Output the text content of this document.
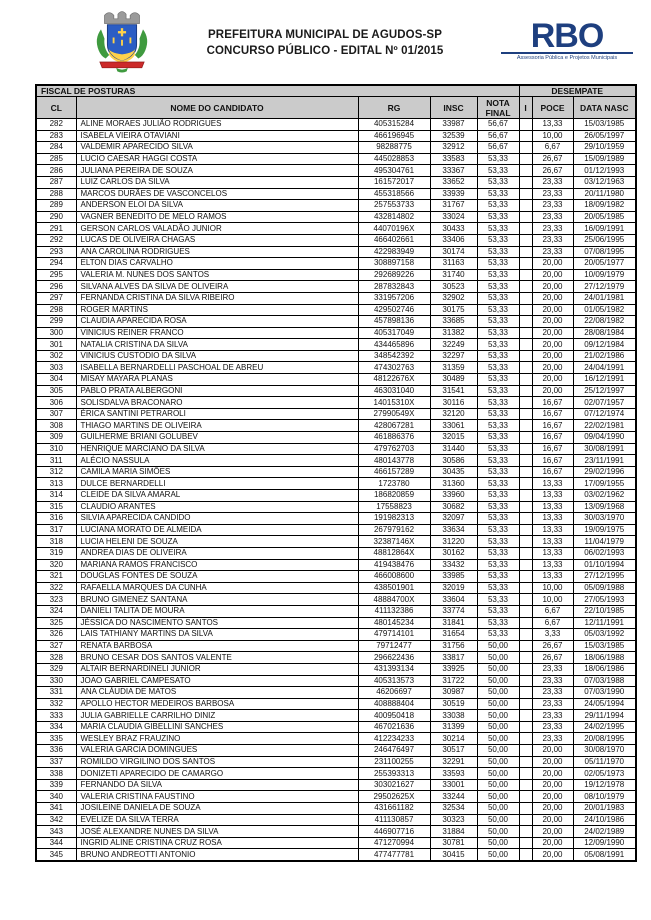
PREFEITURA MUNICIPAL DE AGUDOS-SP
CONCURSO PÚBLICO - EDITAL Nº 01/2015	RBO
Assessoria Pública e Projetos Municipais
FISCAL DE POSTURAS					DESEMPATE		
CL	NOME DO CANDIDATO	RG	INSC	NOTA FINAL	I	POCE	DATA NASC
282	ALINE MORAES JULIÃO RODRIGUES	405315284	33987	56,67		13,33	15/03/1985
283	ISABELA VIEIRA OTAVIANI	466196945	32539	56,67		10,00	26/05/1997
284	VALDEMIR APARECIDO SILVA	98288775	32912	56,67		6,67	29/10/1959
285	LUCIO CAESAR HAGGI COSTA	445028853	33583	53,33		26,67	15/09/1989
286	JULIANA PEREIRA DE SOUZA	495304761	33367	53,33		26,67	01/12/1993
287	LUIZ CARLOS DA SILVA	161572017	33652	53,33		23,33	03/12/1963
288	MARCOS DURÃES DE VASCONCELOS	455318566	33939	53,33		23,33	20/11/1980
289	ANDERSON ELOI DA SILVA	257553733	31767	53,33		23,33	18/09/1982
290	VAGNER BENEDITO DE MELO RAMOS	432814802	33024	53,33		23,33	20/05/1985
291	GERSON CARLOS VALADÃO JUNIOR	44070196X	30433	53,33		23,33	16/09/1991
292	LUCAS DE OLIVEIRA CHAGAS	466402661	33406	53,33		23,33	25/06/1995
293	ANA CAROLINA RODRIGUES	422983949	30174	53,33		23,33	07/08/1995
294	ELTON DIAS CARVALHO	308897158	31163	53,33		20,00	20/05/1977
295	VALERIA M. NUNES DOS SANTOS	292689226	31740	53,33		20,00	10/09/1979
296	SILVANA ALVES DA SILVA DE OLIVEIRA	287832843	30523	53,33		20,00	27/12/1979
297	FERNANDA CRISTINA DA SILVA RIBEIRO	331957206	32902	53,33		20,00	24/01/1981
298	ROGER MARTINS	429502746	30175	53,33		20,00	01/05/1982
299	CLAUDIA APARECIDA ROSA	457898136	33685	53,33		20,00	22/08/1982
300	VINICIUS REINER FRANCO	405317049	31382	53,33		20,00	28/08/1984
301	NATALIA CRISTINA DA SILVA	434465896	32249	53,33		20,00	09/12/1984
302	VINICIUS CUSTODIO DA SILVA	348542392	32297	53,33		20,00	21/02/1986
303	ISABELLA BERNARDELLI PASCHOAL DE ABREU	474302763	31359	53,33		20,00	24/04/1991
304	MISAY MAYARA PLANAS	48122676X	30489	53,33		20,00	16/12/1991
305	PABLO PRATA ALBERGONI	463031040	31541	53,33		20,00	25/12/1997
306	SOLISDALVA BRACONARO	14015310X	30116	53,33		16,67	02/07/1957
307	ÉRICA SANTINI PETRAROLI	27990549X	32120	53,33		16,67	07/12/1974
308	THIAGO MARTINS DE OLIVEIRA	428067281	33061	53,33		16,67	22/02/1981
309	GUILHERME BRIANI GOLUBEV	461886376	32015	53,33		16,67	09/04/1990
310	HENRIQUE MARCIANO DA SILVA	479762703	31440	53,33		16,67	30/08/1991
311	ALÉCIO NASSULA	480143778	30586	53,33		16,67	23/11/1991
312	CAMILA MARIA SIMÕES	466157289	30435	53,33		16,67	29/02/1996
313	DULCE BERNARDELLI	1723780	31360	53,33		13,33	17/09/1955
314	CLEIDE DA SILVA AMARAL	186820859	33960	53,33		13,33	03/02/1962
315	CLAUDIO ARANTES	17558823	30682	53,33		13,33	13/09/1968
316	SILVIA APARECIDA CANDIDO	191982313	32097	53,33		13,33	30/03/1970
317	LUCIANA MORATO DE ALMEIDA	267979162	33634	53,33		13,33	19/09/1975
318	LUCIA HELENI DE SOUZA	32387146X	31220	53,33		13,33	11/04/1979
319	ANDREA DIAS DE OLIVEIRA	48812864X	30162	53,33		13,33	06/02/1993
320	MARIANA RAMOS FRANCISCO	419438476	33432	53,33		13,33	01/10/1994
321	DOUGLAS FONTES DE SOUZA	466008600	33985	53,33		13,33	27/12/1995
322	RAFAELLA MARQUES DA CUNHA	438501901	32019	53,33		10,00	05/09/1988
323	BRUNO GIMENEZ SANTANA	48884700X	33604	53,33		10,00	27/05/1993
324	DANIELI TALITA DE MOURA	411132386	33774	53,33		6,67	22/10/1985
325	JÉSSICA DO NASCIMENTO SANTOS	480145234	31841	53,33		6,67	12/11/1991
326	LAIS TATHIANY MARTINS DA SILVA	479714101	31654	53,33		3,33	05/03/1992
327	RENATA BARBOSA	79712477	31756	50,00		26,67	15/03/1985
328	BRUNO CESAR DOS SANTOS VALENTE	296622436	33817	50,00		26,67	18/06/1988
329	ALTAIR BERNARDINELI JUNIOR	431393134	33925	50,00		23,33	18/06/1986
330	JOAO GABRIEL CAMPESATO	405313573	31722	50,00		23,33	07/03/1988
331	ANA CLÁUDIA DE MATOS	46206697	30987	50,00		23,33	07/03/1990
332	APOLLO HECTOR MEDEIROS BARBOSA	408888404	30519	50,00		23,33	24/05/1994
333	JULIA GABRIELLE CARRILHO DINIZ	400950418	33038	50,00		23,33	29/11/1994
334	MARIA CLAUDIA GIBELLINI SANCHES	467021636	31399	50,00		23,33	24/02/1995
335	WESLEY BRAZ FRAUZINO	412234233	30214	50,00		23,33	20/08/1995
336	VALERIA GARCIA DOMINGUES	246476497	30517	50,00		20,00	30/08/1970
337	ROMILDO VIRGILINO DOS SANTOS	231100255	32291	50,00		20,00	05/11/1970
338	DONIZETI APARECIDO DE CAMARGO	255393313	33593	50,00		20,00	02/05/1973
339	FERNANDO DA SILVA	303021627	33001	50,00		20,00	19/12/1978
340	VALERIA CRISTINA FAUSTINO	29502625X	33244	50,00		20,00	08/10/1979
341	JOSILEINE DANIELA DE SOUZA	431661182	32534	50,00		20,00	20/01/1983
342	EVELIZE DA SILVA TERRA	411130857	30323	50,00		20,00	24/10/1986
343	JOSÉ ALEXANDRE NUNES DA SILVA	446907716	31884	50,00		20,00	24/02/1989
344	INGRID ALINE CRISTINA CRUZ ROSA	471270994	30781	50,00		20,00	12/09/1990
345	BRUNO ANDREOTTI ANTONIO	477477781	30415	50,00		20,00	05/08/1991
